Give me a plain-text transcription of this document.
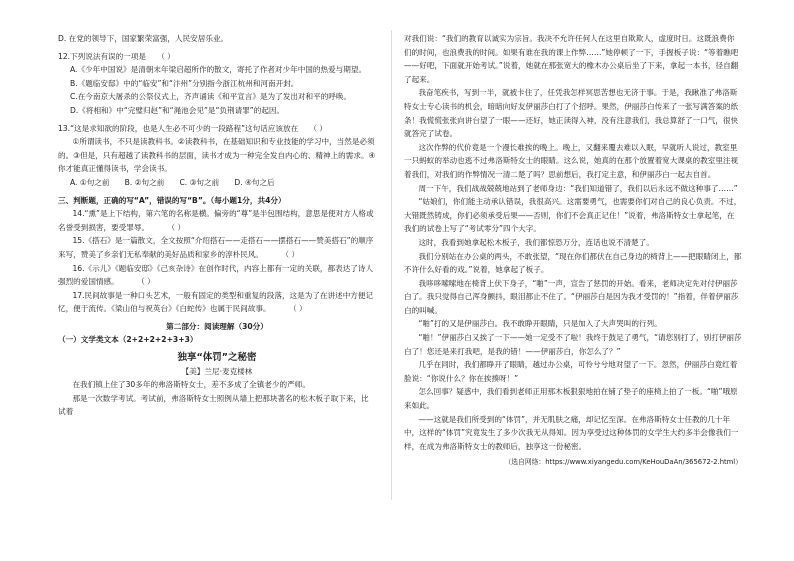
D. 在党的领导下，国家繁荣富强，人民安居乐业。

12.下列说法有误的一项是 （ ）

A.《少年中国说》是清朝末年梁启超所作的散文，寄托了作者对少年中国的热爱与期望。

B.《题临安邸》中的“临安”和“汴州”分别指今浙江杭州和河南开封。

C.在今南京大屠杀的公祭仪式上，齐声诵读《和平宣言》是为了发出对和平的呼唤。

D.《将相和》中“完璧归赵”和“渑池会见”是“负荆请罪”的起因。

13.“这是求知欲的阶段，也是人生必不可少的一段路程”这句话应该放在 （ ）

①所谓读书，不只是读教科书。②读教科书，在基础知识和专业技能的学习中，当然是必须的。③但是，只有超越了读教科书的层面，读书才成为一种完全发自内心的、精神上的需求。④你才能真正懂得读书，学会读书。

A. ①句之前　　B. ②句之前　　C. ③句之前　　D. ④句之后

三、判断题，正确的写“A”，错误的写“B”。（每小题1分，共4分）

14.“熏”是上下结构，第六笔的名称是横。偏旁的“尊”是半包围结构，意思是使对方人格或名誉受到损害，要受罪辱。 （ ）

15.《搭石》是一篇散文，全文按照“介绍搭石——走搭石——摆搭石——赞美搭石”的顺序来写，赞美了乡亲们无私奉献的美好品质和家乡的淳朴民风。 （ ）

16.《示儿》《题临安邸》《己亥杂诗》在创作时代，内容上都有一定的关联，都表达了诗人强烈的爱国情感。 （ ）

17.民间故事是一种口头艺术，一般有固定的类型和重复的段落，这是为了在讲述中方便记忆，便于流传。《梁山伯与祝英台》《白蛇传》也属于民间故事。 （ ）

第二部分：阅读理解（30分）

（一）文学类文本（2+2+2+2+3+3）

独享“体罚”之秘密

【美】兰尼·麦克楼林

在我们镇上住了30多年的弗洛斯特女士，差不多成了全镇老少的严师。

那是一次数学考试。考试前，弗洛斯特女士照例从墙上把那块著名的松木板子取下来，比试着

对我们说：“我们的教育以诚实为宗旨。我决不允许任何人在这里自欺欺人，虚度时日。这既浪费你们的时间，也浪费我的时间。如果有谁在我的课上作弊……”她停顿了一下，手握板子说：“等着瞧吧——好吧，下面就开始考试。”说着，她就在那张宽大的橡木办公桌后坐了下来，拿起一本书，径自翻了起来。

我奋笔疾书，写到一半，就被卡住了，任凭我怎样冥思苦想也无济于事。于是，我瞅准了弗洛斯特女士专心读书的机会，暗暗向好友伊丽莎白打了个招呼。果然，伊丽莎白传来了一张写满答案的纸条！我慌慌张张向讲台望了一眼——还好，她正读得入神，没有注意我们，我总算舒了一口气，很快就答完了试卷。

这次作弊的代价竟是一个漫长难挨的晚上。晚上，又翻来覆去难以入眠，早就听人说过，教室里一只蚂蚁的举动也逃不过弗洛斯特女士的眼睛。这么说，她真的在那个放置着宽大课桌的教室里注视着我们，对我们的作弊情况一清二楚了吗？思前想后，我打定主意，和伊丽莎白一起去自首。

周一下午，我们战战兢兢地站到了老师身边：“我们知道错了，我们以后永远不做这种事了……”

“姑娘们，你们能主动承认错误，我很高兴。这需要勇气，也需要你们对自己的良心负责。不过，大错既然铸成，你们必须承受后果——否则，你们不会真正记住！”说着，弗洛斯特女士拿起笔，在我们的试卷上写了“考试零分”四个大字。

这时，我看到她拿起松木板子，我们都惊恐万分，连话也说不清楚了。

我们分别站在办公桌的两头，不敢张望，“现在你们都伏在自己身边的椅背上——把眼睛闭上，都不许什么好看的戏。”说着，她拿起了板子。

我哆哆嗦嗦地在椅背上伏下身子，“啪”一声，宣告了惩罚的开始。看来，老师决定先对付伊丽莎白了。我只觉得自己浑身颤抖，眼泪都止不住了。“伊丽莎白是因为我才受罚的！”指着，伴着伊丽莎白的叫喊。

“啪”打的又是伊丽莎白。我不敢睁开眼睛，只是加入了大声哭叫的行列。

“啪！”伊丽莎白又挨了一下——她一定受不了啦！我终于鼓足了勇气，“请您别打了，别打伊丽莎白了！您还是来打我吧，是我的错！——伊丽莎白，你怎么了？”

几乎在同时，我们都睁开了眼睛，越过办公桌，可怜兮兮地对望了一下。忽然，伊丽莎白竟红着脸说：“你说什么？你在挨揍呀！”

怎么回事？疑惑中，我们看到老师正用那木板狠狠地拍在铺了垫子的座椅上拍了一板。“啪”哦原来如此。

——这就是我们所受到的“体罚”，并无肌肤之痛，却记忆至深。在弗洛斯特女士任教的几十年中，这样的“体罚”究竟发生了多少次我无从得知。因为享受过这种体罚的女学生大约多半会像我们一样，在成为弗洛斯特女士的教师后，独享这一份秘密。

（选自网络：https://www.xiyangedu.com/KeHouDaAn/365672-2.html）
